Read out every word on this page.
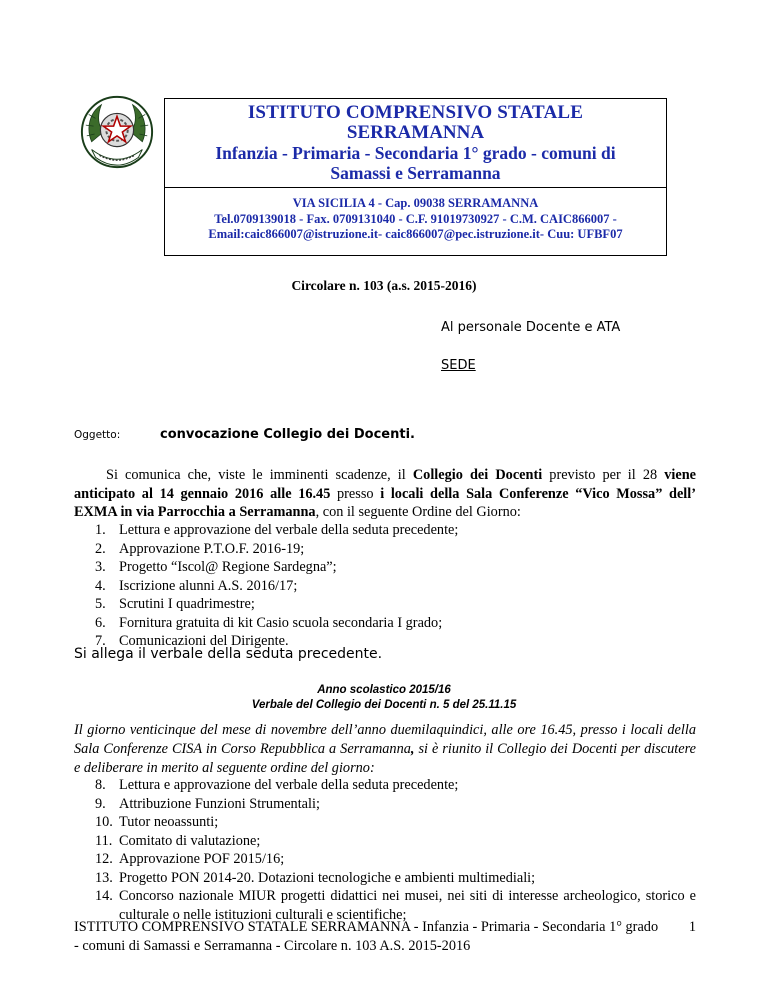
ISTITUTO COMPRENSIVO STATALE
SERRAMANNA
Infanzia - Primaria - Secondaria 1° grado - comuni di
Samassi e Serramanna
VIA SICILIA 4 - Cap. 09038 SERRAMANNA
Tel.0709139018 - Fax. 0709131040 - C.F. 91019730927 - C.M. CAIC866007 -
Email:caic866007@istruzione.it- caic866007@pec.istruzione.it- Cuu: UFBF07
Circolare n. 103 (a.s. 2015-2016)
Al personale Docente e ATA
SEDE
Oggetto:	convocazione Collegio dei Docenti.
Si comunica che, viste le imminenti scadenze, il Collegio dei Docenti previsto per il 28 viene anticipato al 14 gennaio 2016 alle 16.45 presso i locali della Sala Conferenze “Vico Mossa” dell’ EXMA in via Parrocchia a Serramanna, con il seguente Ordine del Giorno:
1. Lettura e approvazione del verbale della seduta precedente;
2. Approvazione P.T.O.F. 2016-19;
3. Progetto “Iscol@ Regione Sardegna”;
4. Iscrizione alunni A.S. 2016/17;
5. Scrutini I quadrimestre;
6. Fornitura gratuita di kit Casio scuola secondaria I grado;
7. Comunicazioni del Dirigente.
Si allega il verbale della seduta precedente.
Anno scolastico 2015/16
Verbale del Collegio dei Docenti n. 5 del 25.11.15
Il giorno venticinque del mese di novembre dell’anno duemilaquindici, alle ore 16.45, presso i locali della Sala Conferenze CISA in Corso Repubblica a Serramanna, si è riunito il Collegio dei Docenti per discutere e deliberare in merito al seguente ordine del giorno:
8. Lettura e approvazione del verbale della seduta precedente;
9. Attribuzione Funzioni Strumentali;
10. Tutor neoassunti;
11. Comitato di valutazione;
12. Approvazione POF 2015/16;
13. Progetto PON 2014-20. Dotazioni tecnologiche e ambienti multimediali;
14. Concorso nazionale MIUR progetti didattici nei musei, nei siti di interesse archeologico, storico e culturale o nelle istituzioni culturali e scientifiche;
ISTITUTO COMPRENSIVO STATALE SERRAMANNA - Infanzia - Primaria - Secondaria 1° grado - comuni di Samassi e Serramanna - Circolare n. 103 A.S. 2015-2016
1
